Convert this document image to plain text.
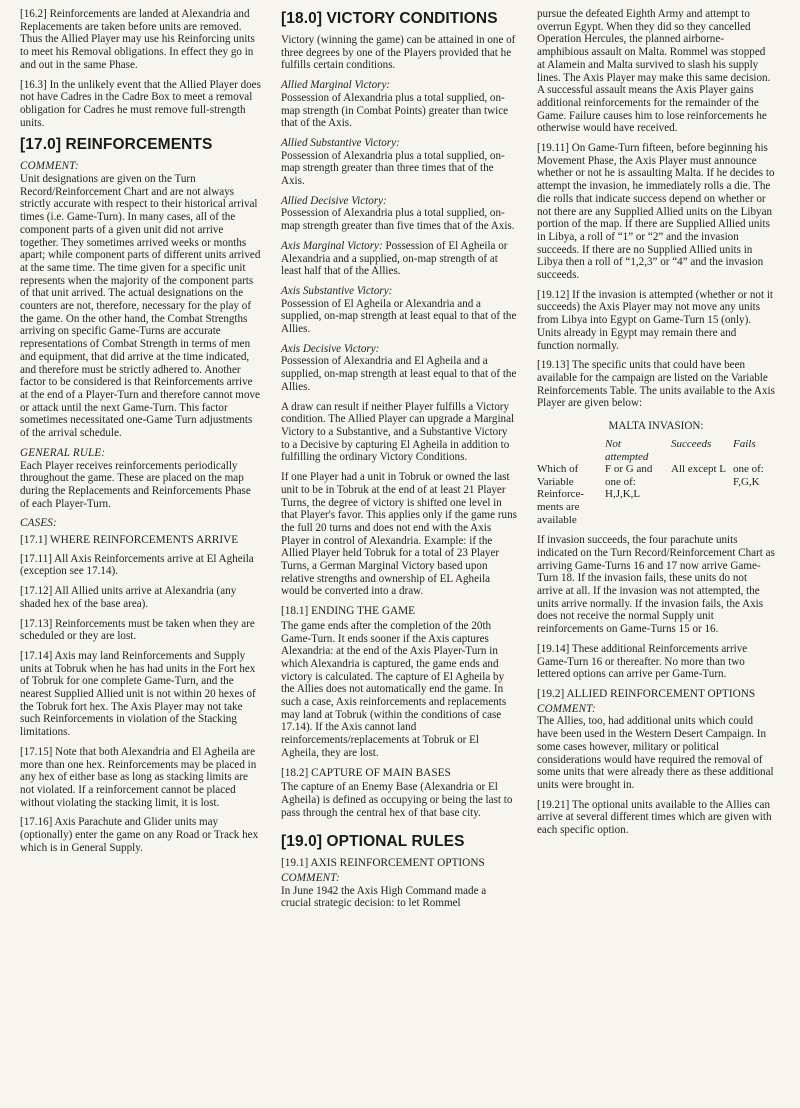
[16.2] Reinforcements are landed at Alexandria and Replacements are taken before units are removed. Thus the Allied Player may use his Reinforcing units to meet his Removal obligations. In effect they go in and out in the same Phase.

[16.3] In the unlikely event that the Allied Player does not have Cadres in the Cadre Box to meet a removal obligation for Cadres he must remove full-strength units.

[17.0] REINFORCEMENTS
COMMENT:

Unit designations are given on the Turn Record/Reinforcement Chart and are not always strictly accurate with respect to their historical arrival times (i.e. Game-Turn). In many cases, all of the component parts of a given unit did not arrive together. They sometimes arrived weeks or months apart; while component parts of different units arrived at the same time. The time given for a specific unit represents when the majority of the component parts of that unit arrived. The actual designations on the counters are not, therefore, necessary for the play of the game. On the other hand, the Combat Strengths arriving on specific Game-Turns are accurate representations of Combat Strength in terms of men and equipment, that did arrive at the time indicated, and therefore must be strictly adhered to. Another factor to be considered is that Reinforcements arrive at the end of a Player-Turn and therefore cannot move or attack until the next Game-Turn. This factor sometimes necessitated one-Game Turn adjustments of the arrival schedule.

GENERAL RULE:

Each Player receives reinforcements periodically throughout the game. These are placed on the map during the Replacements and Reinforcements Phase of each Player-Turn.

CASES:

[17.1] WHERE REINFORCEMENTS ARRIVE

[17.11] All Axis Reinforcements arrive at El Agheila (exception see 17.14).

[17.12] All Allied units arrive at Alexandria (any shaded hex of the base area).

[17.13] Reinforcements must be taken when they are scheduled or they are lost.

[17.14] Axis may land Reinforcements and Supply units at Tobruk when he has had units in the Fort hex of Tobruk for one complete Game-Turn, and the nearest Supplied Allied unit is not within 20 hexes of the Tobruk fort hex. The Axis Player may not take such Reinforcements in violation of the Stacking limitations.

[17.15] Note that both Alexandria and El Agheila are more than one hex. Reinforcements may be placed in any hex of either base as long as stacking limits are not violated. If a reinforcement cannot be placed without violating the stacking limit, it is lost.

[17.16] Axis Parachute and Glider units may (optionally) enter the game on any Road or Track hex which is in General Supply.

[18.0] VICTORY CONDITIONS

Victory (winning the game) can be attained in one of three degrees by one of the Players provided that he fulfills certain conditions.

Allied Marginal Victory:

Possession of Alexandria plus a total supplied, on-map strength (in Combat Points) greater than twice that of the Axis.

Allied Substantive Victory:

Possession of Alexandria plus a total supplied, on-map strength greater than three times that of the Axis.

Allied Decisive Victory:

Possession of Alexandria plus a total supplied, on-map strength greater than five times that of the Axis.

Axis Marginal Victory: Possession of El Agheila or Alexandria and a supplied, on-map strength of at least half that of the Allies.

Axis Substantive Victory:

Possession of El Agheila or Alexandria and a supplied, on-map strength at least equal to that of the Allies.

Axis Decisive Victory:

Possession of Alexandria and El Agheila and a supplied, on-map strength at least equal to that of the Allies.

A draw can result if neither Player fulfills a Victory condition. The Allied Player can upgrade a Marginal Victory to a Substantive, and a Substantive Victory to a Decisive by capturing El Agheila in addition to fulfilling the ordinary Victory Conditions.

If one Player had a unit in Tobruk or owned the last unit to be in Tobruk at the end of at least 21 Player Turns, the degree of victory is shifted one level in that Player's favor. This applies only if the game runs the full 20 turns and does not end with the Axis Player in control of Alexandria. Example: if the Allied Player held Tobruk for a total of 23 Player Turns, a German Marginal Victory based upon relative strengths and ownership of EL Agheila would be converted into a draw.

[18.1] ENDING THE GAME

The game ends after the completion of the 20th Game-Turn. It ends sooner if the Axis captures Alexandria: at the end of the Axis Player-Turn in which Alexandria is captured, the game ends and victory is calculated. The capture of El Agheila by the Allies does not automatically end the game. In such a case, Axis reinforcements and replacements may land at Tobruk (within the conditions of case 17.14). If the Axis cannot land reinforcements/replacements at Tobruk or El Agheila, they are lost.

[18.2] CAPTURE OF MAIN BASES

The capture of an Enemy Base (Alexandria or El Agheila) is defined as occupying or being the last to pass through the central hex of that base city.

[19.0] OPTIONAL RULES

[19.1] AXIS REINFORCEMENT OPTIONS

COMMENT:

In June 1942 the Axis High Command made a crucial strategic decision: to let Rommel

pursue the defeated Eighth Army and attempt to overrun Egypt. When they did so they cancelled Operation Hercules, the planned airborne-amphibious assault on Malta. Rommel was stopped at Alamein and Malta survived to slash his supply lines. The Axis Player may make this same decision. A successful assault means the Axis Player gains additional reinforcements for the remainder of the Game. Failure causes him to lose reinforcements he otherwise would have received.

[19.11] On Game-Turn fifteen, before beginning his Movement Phase, the Axis Player must announce whether or not he is assaulting Malta. If he decides to attempt the invasion, he immediately rolls a die. The die rolls that indicate success depend on whether or not there are any Supplied Allied units on the Libyan portion of the map. If there are Supplied Allied units in Libya, a roll of “1” or “2” and the invasion succeeds. If there are no Supplied Allied units in Libya then a roll of “1,2,3” or “4” and the invasion succeeds.

[19.12] If the invasion is attempted (whether or not it succeeds) the Axis Player may not move any units from Libya into Egypt on Game-Turn 15 (only). Units already in Egypt may remain there and function normally.

[19.13] The specific units that could have been available for the campaign are listed on the Variable Reinforcements Table. The units available to the Axis Player are given below:

MALTA INVASION:
	Not attempted	Succeeds	Fails
Which of Variable Reinforce-ments are available	F or G and one of: H,J,K,L	All except L	one of: F,G,K

If invasion succeeds, the four parachute units indicated on the Turn Record/Reinforcement Chart as arriving Game-Turns 16 and 17 now arrive Game-Turn 18. If the invasion fails, these units do not arrive at all. If the invasion was not attempted, the units arrive normally. If the invasion fails, the Axis does not receive the normal Supply unit reinforcements on Game-Turns 15 or 16.

[19.14] These additional Reinforcements arrive Game-Turn 16 or thereafter. No more than two lettered options can arrive per Game-Turn.

[19.2] ALLIED REINFORCEMENT OPTIONS

COMMENT:

The Allies, too, had additional units which could have been used in the Western Desert Campaign. In some cases however, military or political considerations would have required the removal of some units that were already there as these additional units were brought in.

[19.21] The optional units available to the Allies can arrive at several different times which are given with each specific option.
